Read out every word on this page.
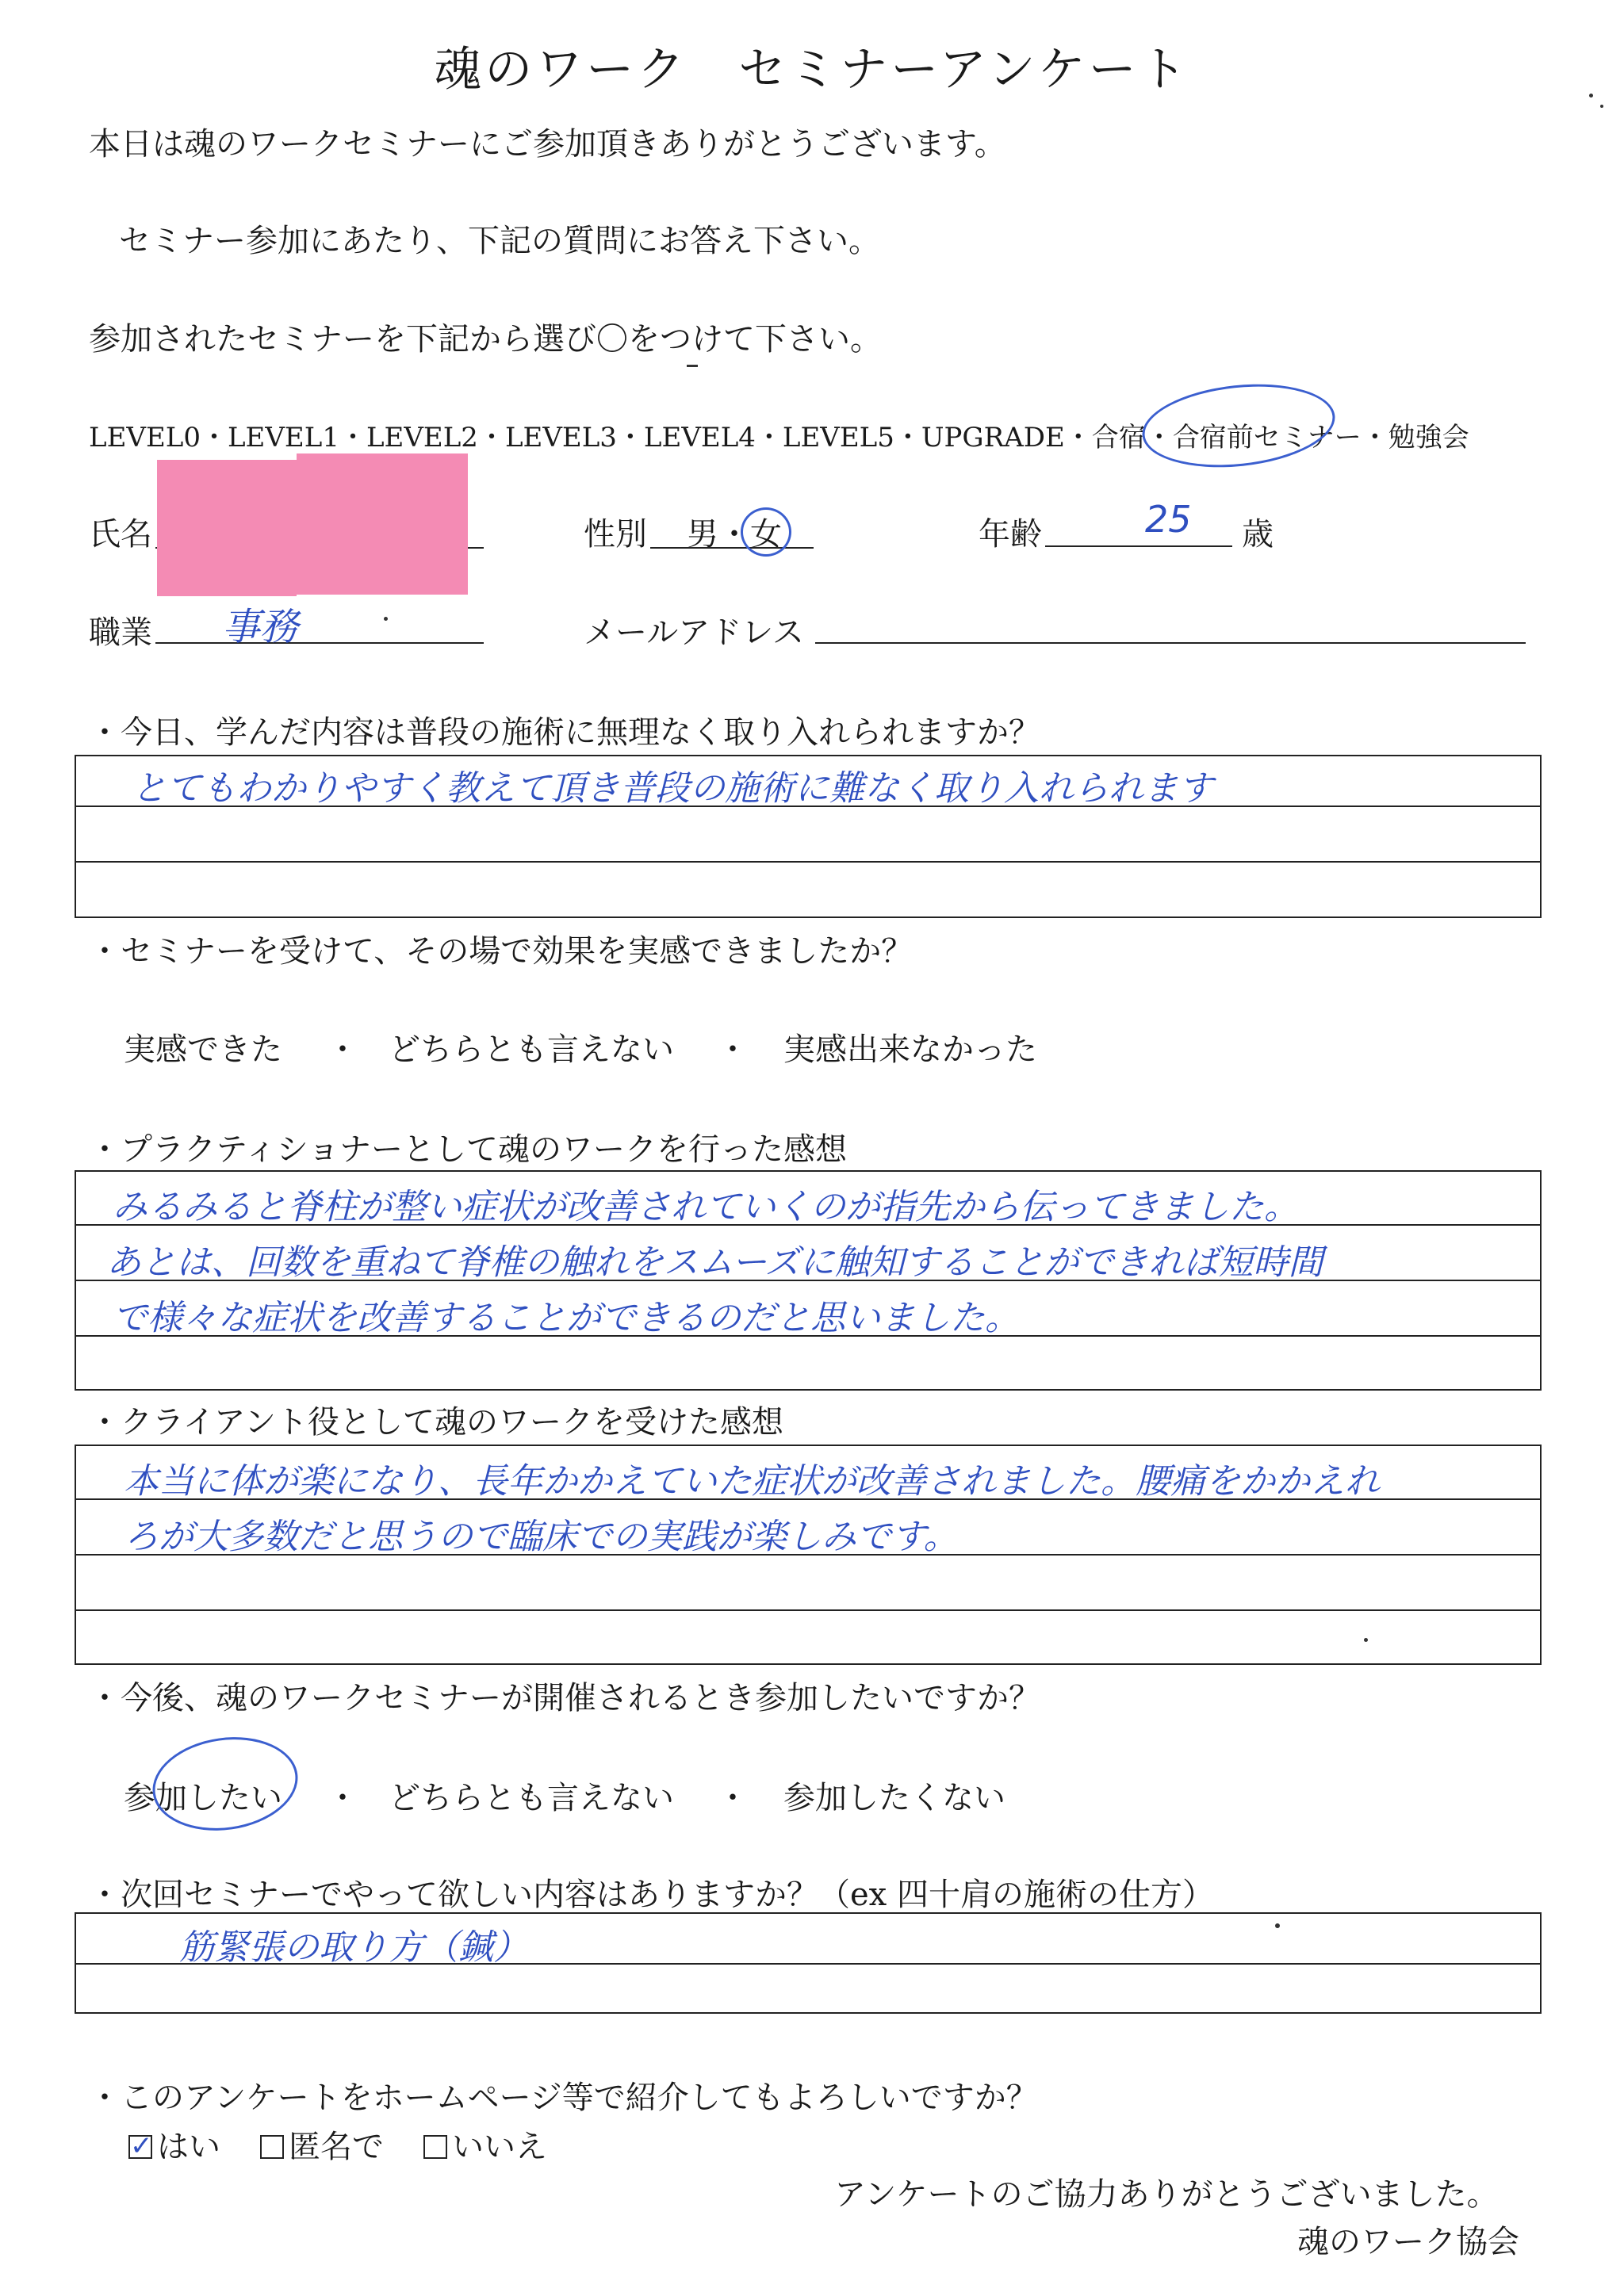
魂のワーク　セミナーアンケート
本日は魂のワークセミナーにご参加頂きありがとうございます。
セミナー参加にあたり、下記の質問にお答え下さい。
参加されたセミナーを下記から選び〇をつけて下さい。
LEVEL0・LEVEL1・LEVEL2・LEVEL3・LEVEL4・LEVEL5・UPGRADE・合宿・合宿前セミナー・勉強会
氏名	性別 男・女	年齢	25 歳
職業 事務	メールアドレス
・今日、学んだ内容は普段の施術に無理なく取り入れられますか？
とてもわかりやすく教えて頂き普段の施術に難なく取り入れられます
・セミナーを受けて、その場で効果を実感できましたか？
実感できた ・ どちらとも言えない ・ 実感出来なかった
・プラクティショナーとして魂のワークを行った感想
みるみると脊柱が整い症状が改善されていくのが指先から伝ってきました。
あとは、回数を重ねて脊椎の触れをスムーズに触知することができれば短時間
で様々な症状を改善することができるのだと思いました。
・クライアント役として魂のワークを受けた感想
本当に体が楽になり、長年かかえていた症状が改善されました。腰痛をかかえれ
ろが大多数だと思うので臨床での実践が楽しみです。
・今後、魂のワークセミナーが開催されるとき参加したいですか？
参加したい ・ どちらとも言えない ・ 参加したくない
・次回セミナーでやって欲しい内容はありますか？（ex 四十肩の施術の仕方）
筋緊張の取り方（鍼）
・このアンケートをホームページ等で紹介してもよろしいですか？
✓ はい	匿名で	いいえ
アンケートのご協力ありがとうございました。
魂のワーク協会
